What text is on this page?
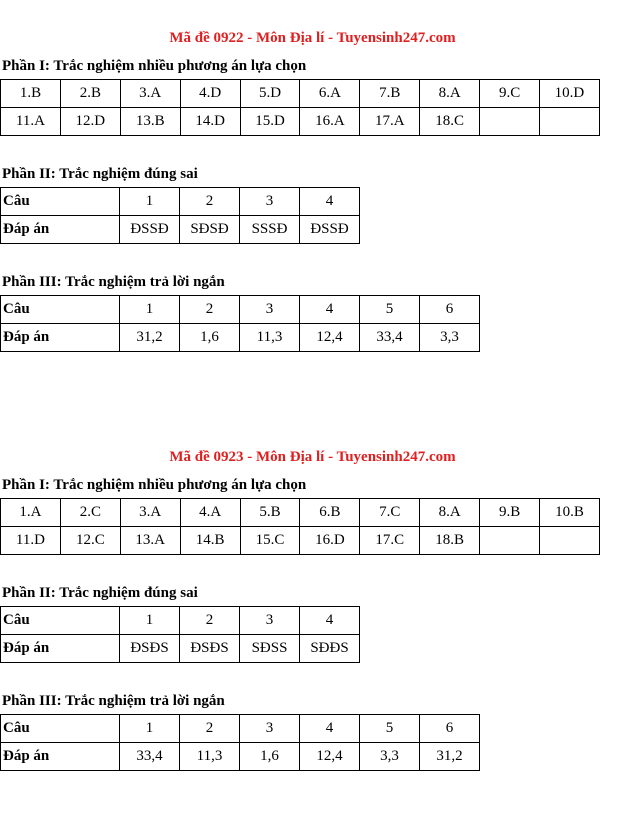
Mã đề 0922 - Môn Địa lí - Tuyensinh247.com
Phần I: Trắc nghiệm nhiều phương án lựa chọn
1.B	2.B	3.A	4.D	5.D	6.A	7.B	8.A	9.C	10.D
11.A	12.D	13.B	14.D	15.D	16.A	17.A	18.C		
Phần II: Trắc nghiệm đúng sai
Câu	1	2	3	4
Đáp án	ĐSSĐ	SĐSĐ	SSSĐ	ĐSSĐ
Phần III: Trắc nghiệm trả lời ngắn
Câu	1	2	3	4	5	6
Đáp án	31,2	1,6	11,3	12,4	33,4	3,3
Mã đề 0923 - Môn Địa lí - Tuyensinh247.com
Phần I: Trắc nghiệm nhiều phương án lựa chọn
1.A	2.C	3.A	4.A	5.B	6.B	7.C	8.A	9.B	10.B
11.D	12.C	13.A	14.B	15.C	16.D	17.C	18.B		
Phần II: Trắc nghiệm đúng sai
Câu	1	2	3	4
Đáp án	ĐSĐS	ĐSĐS	SĐSS	SĐĐS
Phần III: Trắc nghiệm trả lời ngắn
Câu	1	2	3	4	5	6
Đáp án	33,4	11,3	1,6	12,4	3,3	31,2
